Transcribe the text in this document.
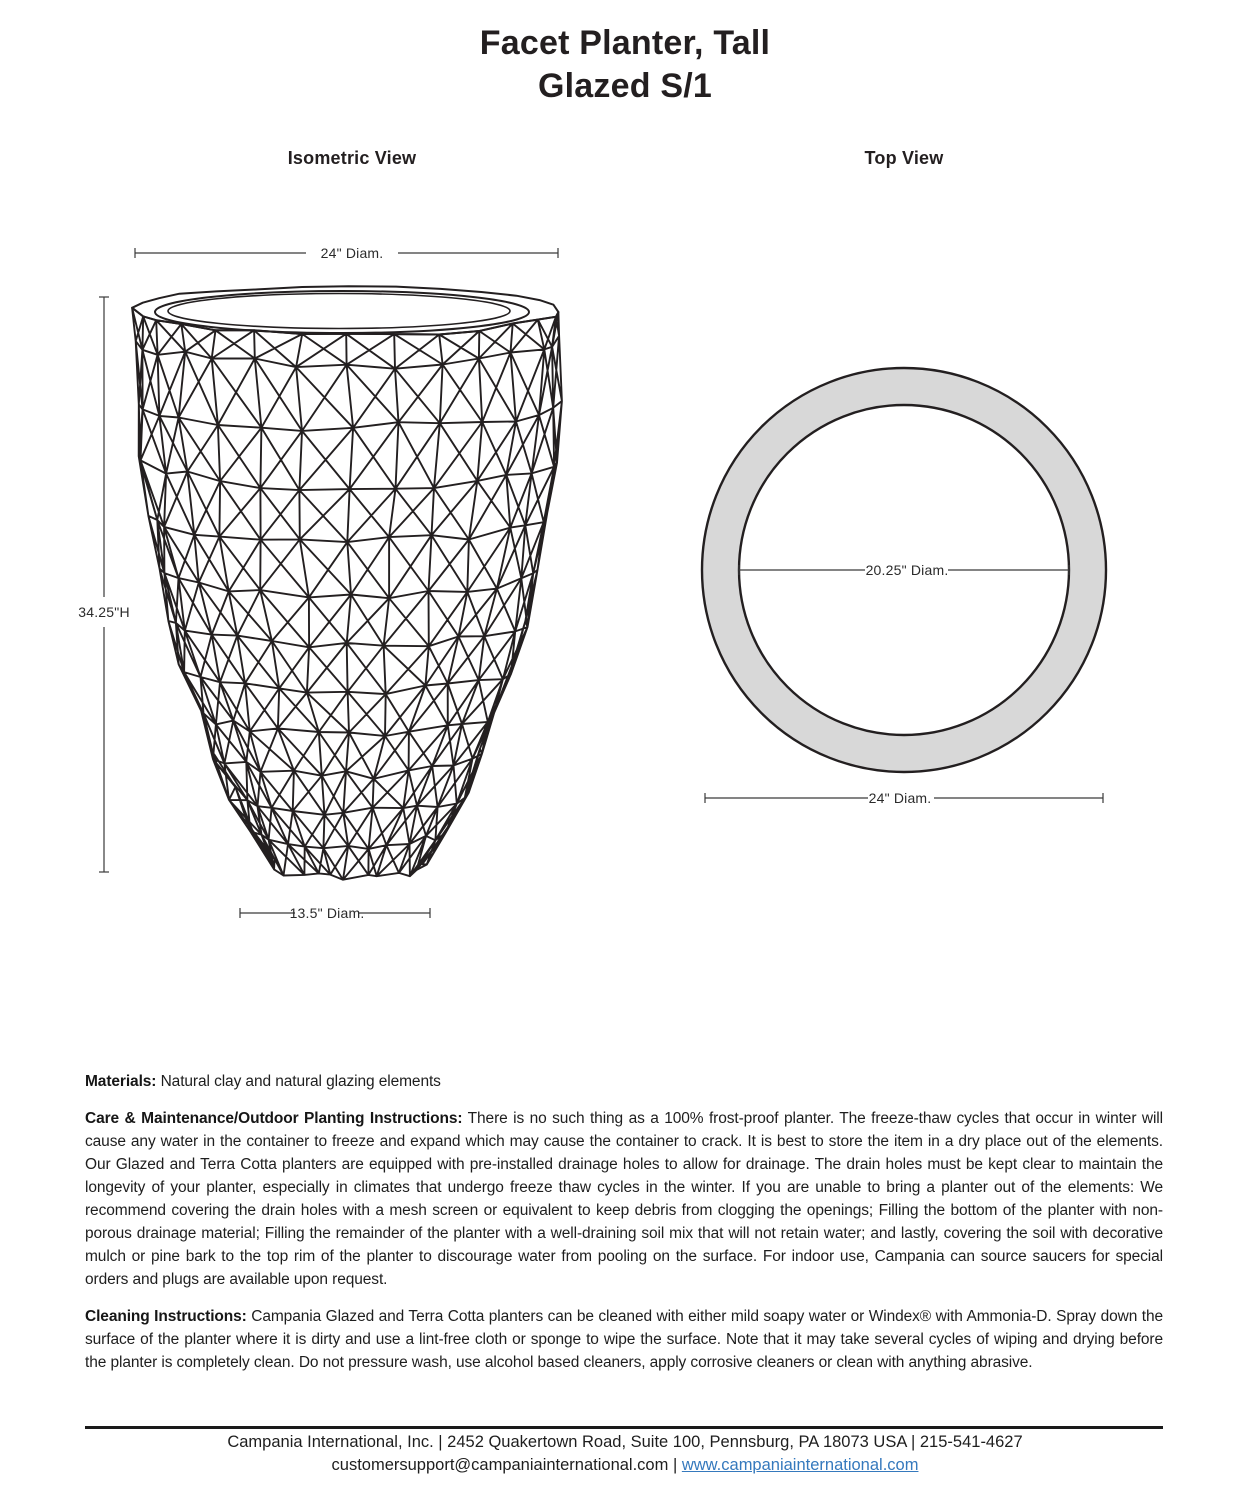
Facet Planter, Tall
Glazed S/1
Isometric View	Top View
24" Diam.
34.25"H
13.5" Diam.
20.25" Diam.
24" Diam.

Materials: Natural clay and natural glazing elements

Care & Maintenance/Outdoor Planting Instructions: There is no such thing as a 100% frost-proof planter. The freeze-thaw cycles that occur in winter will cause any water in the container to freeze and expand which may cause the container to crack. It is best to store the item in a dry place out of the elements. Our Glazed and Terra Cotta planters are equipped with pre-installed drainage holes to allow for drainage. The drain holes must be kept clear to maintain the longevity of your planter, especially in climates that undergo freeze thaw cycles in the winter. If you are unable to bring a planter out of the elements: We recommend covering the drain holes with a mesh screen or equivalent to keep debris from clogging the openings; Filling the bottom of the planter with non-porous drainage material; Filling the remainder of the planter with a well-draining soil mix that will not retain water; and lastly, covering the soil with decorative mulch or pine bark to the top rim of the planter to discourage water from pooling on the surface. For indoor use, Campania can source saucers for special orders and plugs are available upon request.

Cleaning Instructions: Campania Glazed and Terra Cotta planters can be cleaned with either mild soapy water or Windex® with Ammonia-D. Spray down the surface of the planter where it is dirty and use a lint-free cloth or sponge to wipe the surface. Note that it may take several cycles of wiping and drying before the planter is completely clean. Do not pressure wash, use alcohol based cleaners, apply corrosive cleaners or clean with anything abrasive.

Campania International, Inc. | 2452 Quakertown Road, Suite 100, Pennsburg, PA 18073 USA | 215-541-4627
customersupport@campaniainternational.com | www.campaniainternational.com
